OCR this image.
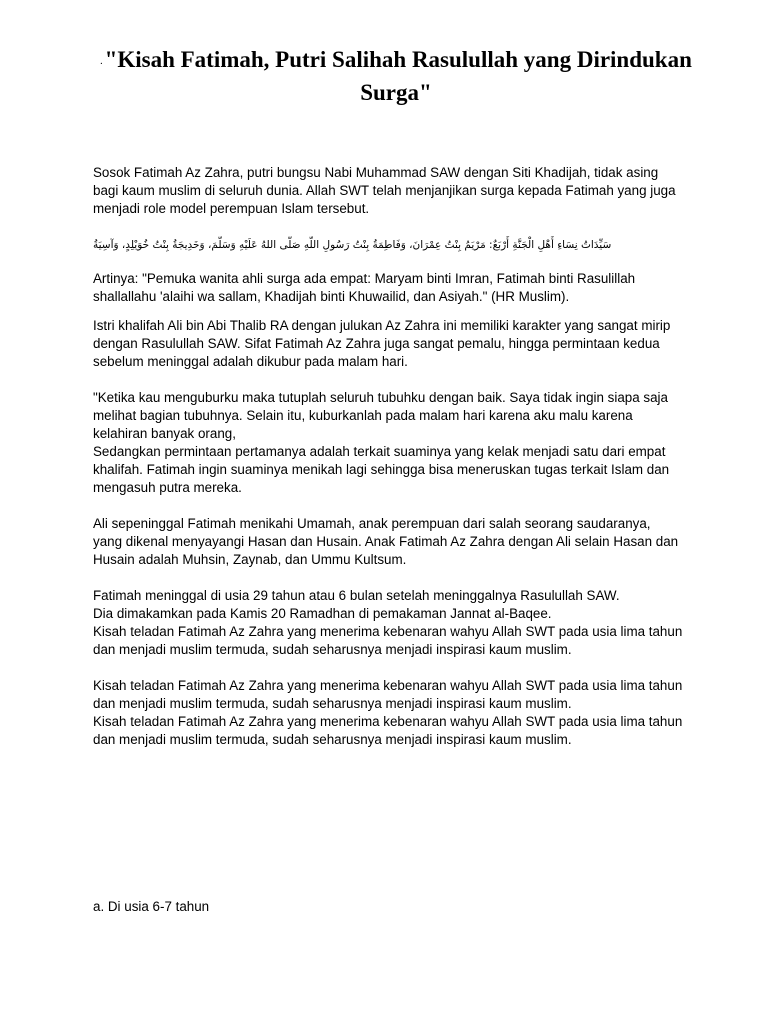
."Kisah Fatimah, Putri Salihah Rasulullah yang Dirindukan Surga"

Sosok Fatimah Az Zahra, putri bungsu Nabi Muhammad SAW dengan Siti Khadijah, tidak asing bagi kaum muslim di seluruh dunia. Allah SWT telah menjanjikan surga kepada Fatimah yang juga menjadi role model perempuan Islam tersebut.

سَيِّدَاتُ نِسَاءِ أَهْلِ الْجَنَّةِ أَرْبَعٌ: مَرْيَمُ بِنْتُ عِمْرَانَ، وَفَاطِمَةُ بِنْتُ رَسُولِ اللَّهِ صَلَّى اللهُ عَلَيْهِ وَسَلَّمَ، وَخَدِيجَةُ بِنْتُ خُوَيْلِدٍ، وَآسِيَةُ

Artinya: "Pemuka wanita ahli surga ada empat: Maryam binti Imran, Fatimah binti Rasulillah shallallahu 'alaihi wa sallam, Khadijah binti Khuwailid, dan Asiyah." (HR Muslim).

Istri khalifah Ali bin Abi Thalib RA dengan julukan Az Zahra ini memiliki karakter yang sangat mirip dengan Rasulullah SAW. Sifat Fatimah Az Zahra juga sangat pemalu, hingga permintaan kedua sebelum meninggal adalah dikubur pada malam hari.

"Ketika kau menguburku maka tutuplah seluruh tubuhku dengan baik. Saya tidak ingin siapa saja melihat bagian tubuhnya. Selain itu, kuburkanlah pada malam hari karena aku malu karena kelahiran banyak orang,
Sedangkan permintaan pertamanya adalah terkait suaminya yang kelak menjadi satu dari empat khalifah. Fatimah ingin suaminya menikah lagi sehingga bisa meneruskan tugas terkait Islam dan mengasuh putra mereka.

Ali sepeninggal Fatimah menikahi Umamah, anak perempuan dari salah seorang saudaranya, yang dikenal menyayangi Hasan dan Husain. Anak Fatimah Az Zahra dengan Ali selain Hasan dan Husain adalah Muhsin, Zaynab, dan Ummu Kultsum.

Fatimah meninggal di usia 29 tahun atau 6 bulan setelah meninggalnya Rasulullah SAW.
Dia dimakamkan pada Kamis 20 Ramadhan di pemakaman Jannat al-Baqee.
Kisah teladan Fatimah Az Zahra yang menerima kebenaran wahyu Allah SWT pada usia lima tahun dan menjadi muslim termuda, sudah seharusnya menjadi inspirasi kaum muslim.

Kisah teladan Fatimah Az Zahra yang menerima kebenaran wahyu Allah SWT pada usia lima tahun dan menjadi muslim termuda, sudah seharusnya menjadi inspirasi kaum muslim.
Kisah teladan Fatimah Az Zahra yang menerima kebenaran wahyu Allah SWT pada usia lima tahun dan menjadi muslim termuda, sudah seharusnya menjadi inspirasi kaum muslim.

a. Di usia 6-7 tahun
